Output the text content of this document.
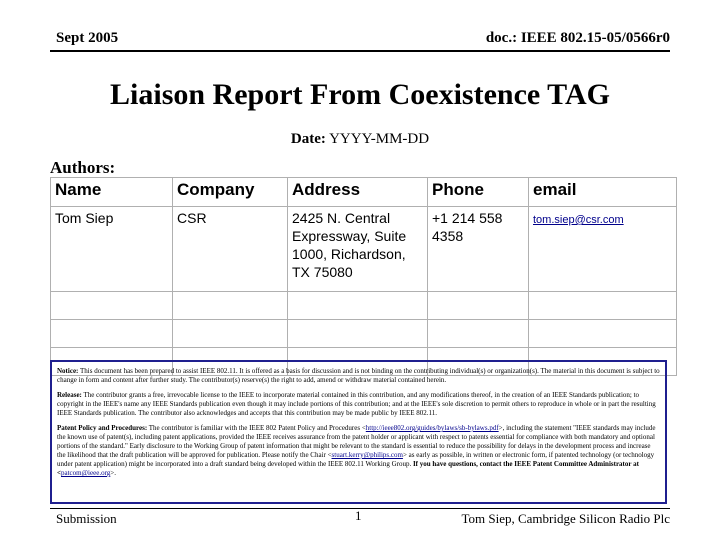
Sept 2005	doc.: IEEE 802.15-05/0566r0
Liaison Report From Coexistence TAG
Date: YYYY-MM-DD
Authors:
Name	Company	Address	Phone	email
Tom Siep	CSR	2425 N. Central Expressway, Suite 1000, Richardson, TX 75080	+1 214 558 4358	tom.siep@csr.com

Notice: This document has been prepared to assist IEEE 802.11. It is offered as a basis for discussion and is not binding on the contributing individual(s) or organization(s). The material in this document is subject to change in form and content after further study. The contributor(s) reserve(s) the right to add, amend or withdraw material contained herein.

Release: The contributor grants a free, irrevocable license to the IEEE to incorporate material contained in this contribution, and any modifications thereof, in the creation of an IEEE Standards publication; to copyright in the IEEE's name any IEEE Standards publication even though it may include portions of this contribution; and at the IEEE's sole discretion to permit others to reproduce in whole or in part the resulting IEEE Standards publication. The contributor also acknowledges and accepts that this contribution may be made public by IEEE 802.11.

Patent Policy and Procedures: The contributor is familiar with the IEEE 802 Patent Policy and Procedures <http://ieee802.org/guides/bylaws/sb-bylaws.pdf>, including the statement "IEEE standards may include the known use of patent(s), including patent applications, provided the IEEE receives assurance from the patent holder or applicant with respect to patents essential for compliance with both mandatory and optional portions of the standard." Early disclosure to the Working Group of patent information that might be relevant to the standard is essential to reduce the possibility for delays in the development process and increase the likelihood that the draft publication will be approved for publication. Please notify the Chair <stuart.kerry@philips.com> as early as possible, in written or electronic form, if patented technology (or technology under patent application) might be incorporated into a draft standard being developed within the IEEE 802.11 Working Group. If you have questions, contact the IEEE Patent Committee Administrator at <patcom@ieee.org>.

Submission	1	Tom Siep, Cambridge Silicon Radio Plc
